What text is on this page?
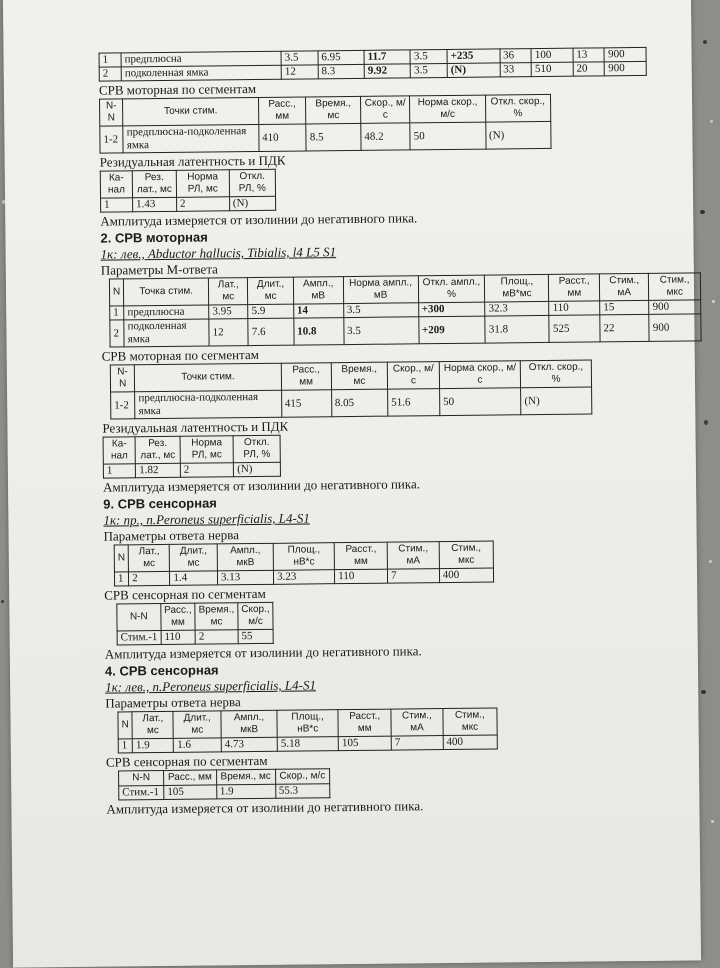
1	предплюсна	3.5	6.95	11.7	3.5	+235	36	100	13	900
2	подколенная ямка	12	8.3	9.92	3.5	(N)	33	510	20	900
СРВ моторная по сегментам
N-N	Точки стим.	Расс., мм	Время., мс	Скор., м/с	Норма скор., м/с	Откл. скор., %
1-2	предплюсна-подколенная ямка	410	8.5	48.2	50	(N)
Резидуальная латентность и ПДК
Ка- нал	Рез. лат., мс	Норма РЛ, мс	Откл. РЛ, %
1	1.43	2	(N)
Амплитуда измеряется от изолинии до негативного пика.
2. СРВ моторная
1к: лев., Abductor hallucis, Tibialis, l4 L5 S1
Параметры М-ответа
N	Точка стим.	Лат., мс	Длит., мс	Ампл., мВ	Норма ампл., мВ	Откл. ампл., %	Площ., мВ*мс	Расст., мм	Стим., мА	Стим., мкс
1	предплюсна	3.95	5.9	14	3.5	+300	32.3	110	15	900
2	подколенная ямка	12	7.6	10.8	3.5	+209	31.8	525	22	900
СРВ моторная по сегментам
N-N	Точки стим.	Расс., мм	Время., мс	Скор., м/с	Норма скор., м/с	Откл. скор., %
1-2	предплюсна-подколенная ямка	415	8.05	51.6	50	(N)
Резидуальная латентность и ПДК
Ка- нал	Рез. лат., мс	Норма РЛ, мс	Откл. РЛ, %
1	1.82	2	(N)
Амплитуда измеряется от изолинии до негативного пика.
9. СРВ сенсорная
1к: пр., n.Peroneus superficialis, L4-S1
Параметры ответа нерва
N	Лат., мс	Длит., мс	Ампл., мкВ	Площ., нВ*с	Расст., мм	Стим., мА	Стим., мкс
1	2	1.4	3.13	3.23	110	7	400
СРВ сенсорная по сегментам
N-N	Расс., мм	Время., мс	Скор., м/с
Стим.-1	110	2	55
Амплитуда измеряется от изолинии до негативного пика.
4. СРВ сенсорная
1к: лев., n.Peroneus superficialis, L4-S1
Параметры ответа нерва
N	Лат., мс	Длит., мс	Ампл., мкВ	Площ., нВ*с	Расст., мм	Стим., мА	Стим., мкс
1	1.9	1.6	4.73	5.18	105	7	400
СРВ сенсорная по сегментам
N-N	Расс., мм	Время., мс	Скор., м/с
Стим.-1	105	1.9	55.3
Амплитуда измеряется от изолинии до негативного пика.
